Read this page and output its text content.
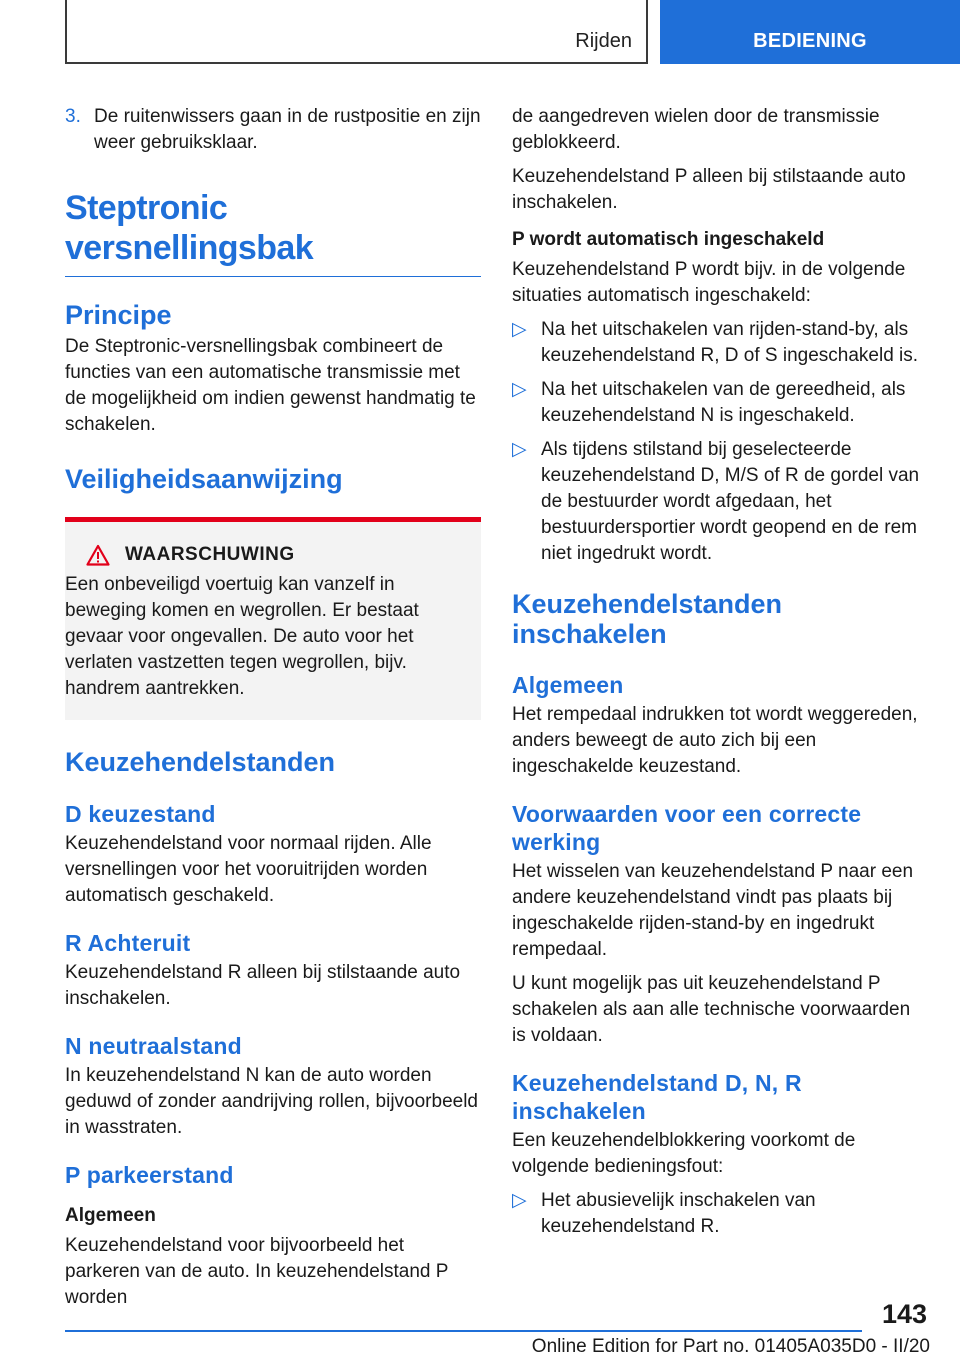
Rijden	BEDIENING
3. De ruitenwissers gaan in de rustpositie en zijn weer gebruiksklaar.
Steptronic versnellingsbak
Principe

De Steptronic-versnellingsbak combineert de functies van een automatische transmissie met de mogelijkheid om indien gewenst handmatig te schakelen.

Veiligheidsaanwijzing
WAARSCHUWING

Een onbeveiligd voertuig kan vanzelf in beweging komen en wegrollen. Er bestaat gevaar voor ongevallen. De auto voor het verlaten vastzetten tegen wegrollen, bijv. handrem aantrekken.

Keuzehendelstanden
D keuzestand

Keuzehendelstand voor normaal rijden. Alle versnellingen voor het vooruitrijden worden automatisch geschakeld.

R Achteruit

Keuzehendelstand R alleen bij stilstaande auto inschakelen.

N neutraalstand

In keuzehendelstand N kan de auto worden geduwd of zonder aandrijving rollen, bijvoorbeeld in wasstraten.

P parkeerstand
Algemeen

Keuzehendelstand voor bijvoorbeeld het parkeren van de auto. In keuzehendelstand P worden

de aangedreven wielen door de transmissie geblokkeerd.

Keuzehendelstand P alleen bij stilstaande auto inschakelen.

P wordt automatisch ingeschakeld

Keuzehendelstand P wordt bijv. in de volgende situaties automatisch ingeschakeld:

▷ Na het uitschakelen van rijden-stand-by, als keuzehendelstand R, D of S ingeschakeld is.
▷ Na het uitschakelen van de gereedheid, als keuzehendelstand N is ingeschakeld.
▷ Als tijdens stilstand bij geselecteerde keuzehendelstand D, M/S of R de gordel van de bestuurder wordt afgedaan, het bestuurdersportier wordt geopend en de rem niet ingedrukt wordt.
Keuzehendelstanden inschakelen
Algemeen

Het rempedaal indrukken tot wordt weggereden, anders beweegt de auto zich bij een ingeschakelde keuzestand.

Voorwaarden voor een correcte werking

Het wisselen van keuzehendelstand P naar een andere keuzehendelstand vindt pas plaats bij ingeschakelde rijden-stand-by en ingedrukt rempedaal.

U kunt mogelijk pas uit keuzehendelstand P schakelen als aan alle technische voorwaarden is voldaan.

Keuzehendelstand D, N, R inschakelen

Een keuzehendelblokkering voorkomt de volgende bedieningsfout:

▷ Het abusievelijk inschakelen van keuzehendelstand R.
143
Online Edition for Part no. 01405A035D0 - II/20
